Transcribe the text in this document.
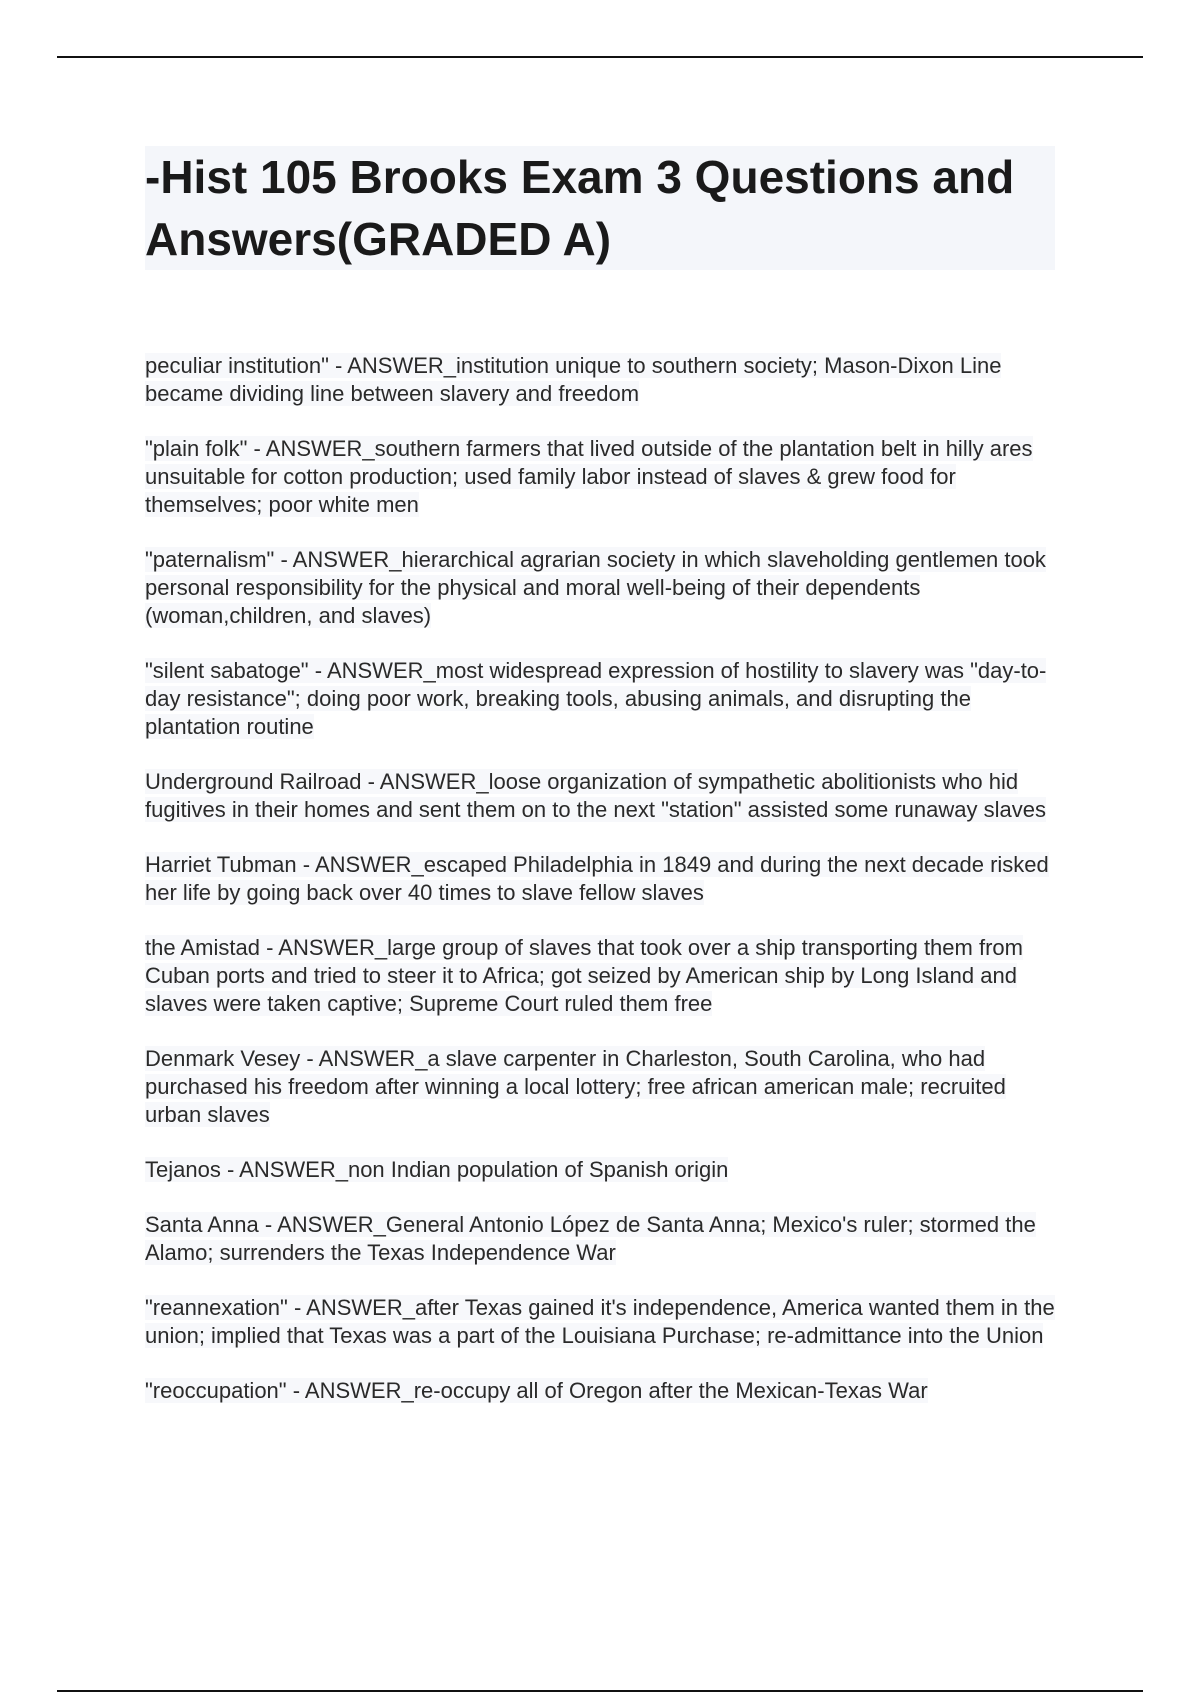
-Hist 105 Brooks Exam 3 Questions and Answers(GRADED A)

peculiar institution" - ANSWER_institution unique to southern society; Mason-Dixon Line became dividing line between slavery and freedom

"plain folk" - ANSWER_southern farmers that lived outside of the plantation belt in hilly ares unsuitable for cotton production; used family labor instead of slaves & grew food for themselves; poor white men

"paternalism" - ANSWER_hierarchical agrarian society in which slaveholding gentlemen took personal responsibility for the physical and moral well-being of their dependents (woman,children, and slaves)

"silent sabatoge" - ANSWER_most widespread expression of hostility to slavery was "day-to-day resistance"; doing poor work, breaking tools, abusing animals, and disrupting the plantation routine

Underground Railroad - ANSWER_loose organization of sympathetic abolitionists who hid fugitives in their homes and sent them on to the next "station" assisted some runaway slaves

Harriet Tubman - ANSWER_escaped Philadelphia in 1849 and during the next decade risked her life by going back over 40 times to slave fellow slaves

the Amistad - ANSWER_large group of slaves that took over a ship transporting them from Cuban ports and tried to steer it to Africa; got seized by American ship by Long Island and slaves were taken captive; Supreme Court ruled them free

Denmark Vesey - ANSWER_a slave carpenter in Charleston, South Carolina, who had purchased his freedom after winning a local lottery; free african american male; recruited urban slaves

Tejanos - ANSWER_non Indian population of Spanish origin

Santa Anna - ANSWER_General Antonio López de Santa Anna; Mexico's ruler; stormed the Alamo; surrenders the Texas Independence War

"reannexation" - ANSWER_after Texas gained it's independence, America wanted them in the union; implied that Texas was a part of the Louisiana Purchase; re-admittance into the Union

"reoccupation" - ANSWER_re-occupy all of Oregon after the Mexican-Texas War
